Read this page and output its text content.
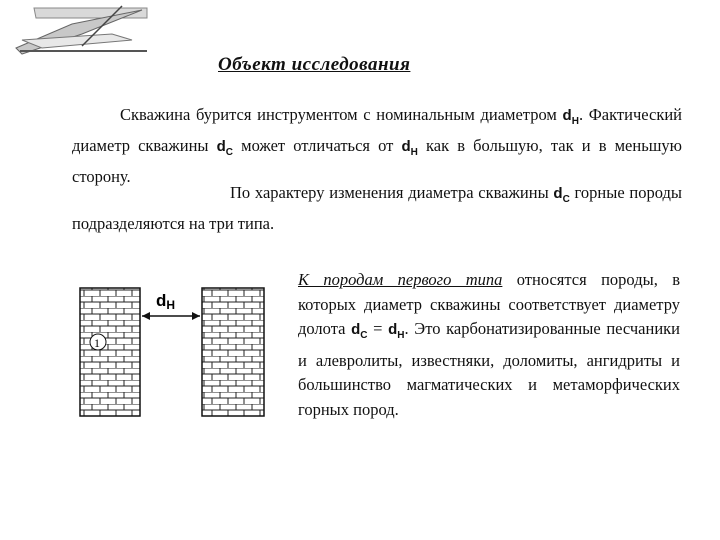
Объект исследования
Скважина бурится инструментом с номинальным диаметром $d_H$. Фактический диаметр скважины $d_C$ может отличаться от $d_H$ как в большую, так и в меньшую сторону.
По характеру изменения диаметра скважины $d_C$ горные породы подразделяются на три типа.
К породам первого типа относятся породы, в которых диаметр скважины соответствует диаметру долота $d_C = d_H$. Это карбонатизированные песчаники и алевролиты, известняки, доломиты, ангидриты и большинство магматических и метаморфических горных пород.
dH
1
